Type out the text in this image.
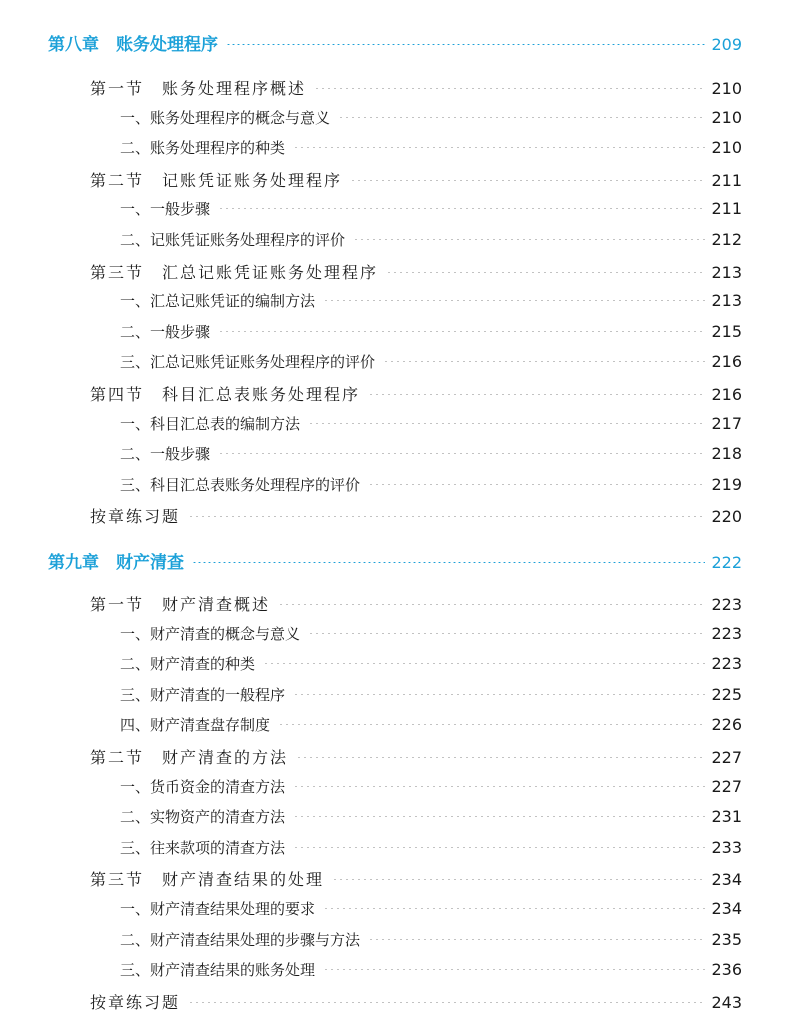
第八章　账务处理程序	209
第一节　账务处理程序概述	210
一、账务处理程序的概念与意义	210
二、账务处理程序的种类	210
第二节　记账凭证账务处理程序	211
一、一般步骤	211
二、记账凭证账务处理程序的评价	212
第三节　汇总记账凭证账务处理程序	213
一、汇总记账凭证的编制方法	213
二、一般步骤	215
三、汇总记账凭证账务处理程序的评价	216
第四节　科目汇总表账务处理程序	216
一、科目汇总表的编制方法	217
二、一般步骤	218
三、科目汇总表账务处理程序的评价	219
按章练习题	220
第九章　财产清查	222
第一节　财产清查概述	223
一、财产清查的概念与意义	223
二、财产清查的种类	223
三、财产清查的一般程序	225
四、财产清查盘存制度	226
第二节　财产清查的方法	227
一、货币资金的清查方法	227
二、实物资产的清查方法	231
三、往来款项的清查方法	233
第三节　财产清查结果的处理	234
一、财产清查结果处理的要求	234
二、财产清查结果处理的步骤与方法	235
三、财产清查结果的账务处理	236
按章练习题	243
